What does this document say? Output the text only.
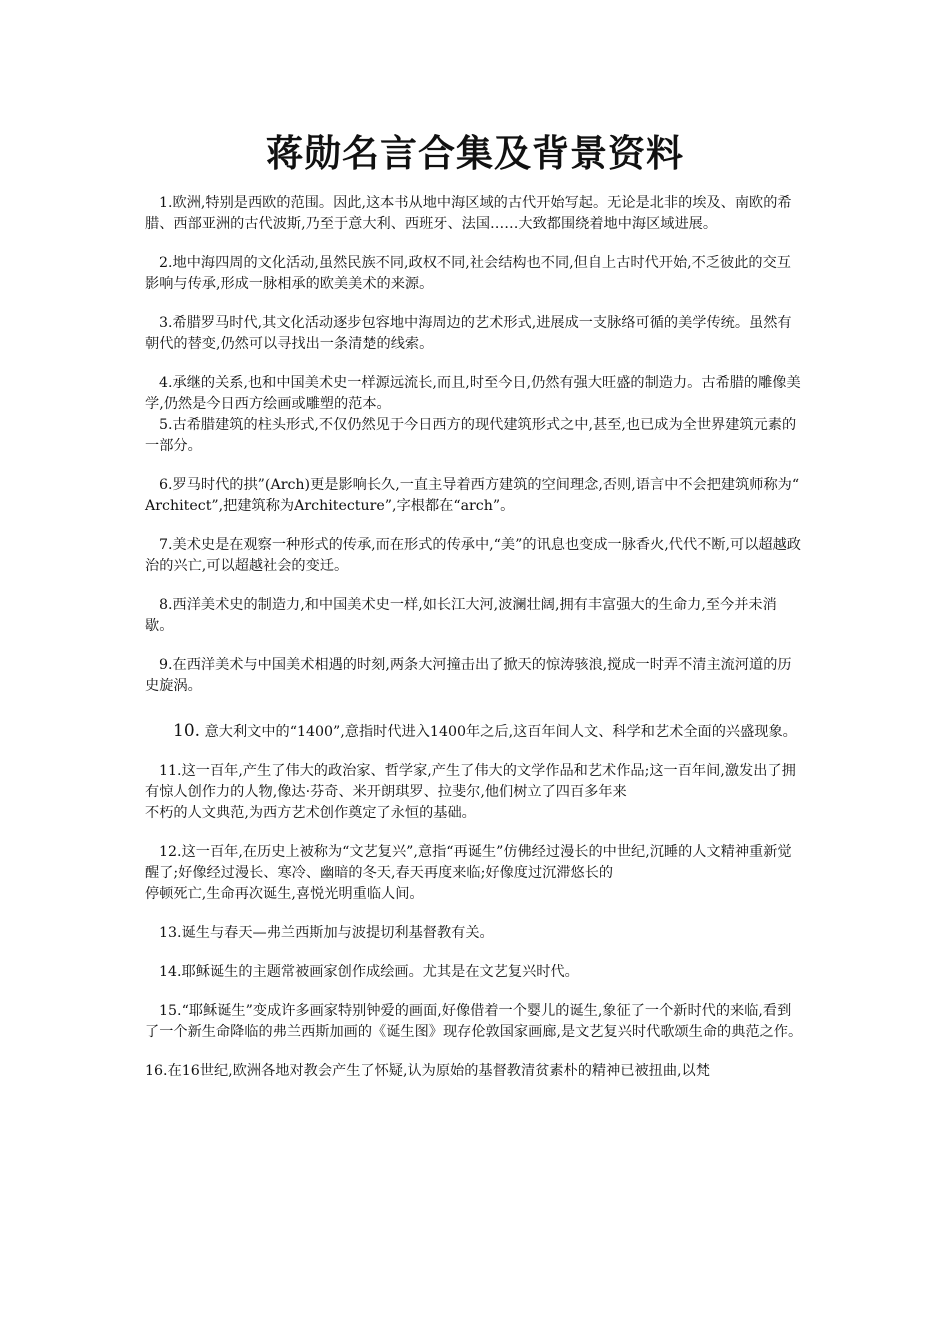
蒋勋名言合集及背景资料

1.欧洲,特别是西欧的范围。因此,这本书从地中海区域的古代开始写起。无论是北非的埃及、南欧的希腊、西部亚洲的古代波斯,乃至于意大利、西班牙、法国……大致都围绕着地中海区域进展。

2.地中海四周的文化活动,虽然民族不同,政权不同,社会结构也不同,但自上古时代开始,不乏彼此的交互影响与传承,形成一脉相承的欧美美术的来源。

3.希腊罗马时代,其文化活动逐步包容地中海周边的艺术形式,进展成一支脉络可循的美学传统。虽然有朝代的替变,仍然可以寻找出一条清楚的线索。

4.承继的关系,也和中国美术史一样源远流长,而且,时至今日,仍然有强大旺盛的制造力。古希腊的雕像美学,仍然是今日西方绘画或雕塑的范本。

5.古希腊建筑的柱头形式,不仅仍然见于今日西方的现代建筑形式之中,甚至,也已成为全世界建筑元素的一部分。

6.罗马时代的拱”(Arch)更是影响长久,一直主导着西方建筑的空间理念,否则,语言中不会把建筑师称为“ Architect”,把建筑称为Architecture”,字根都在“arch”。

7.美术史是在观察一种形式的传承,而在形式的传承中,“美”的讯息也变成一脉香火,代代不断,可以超越政治的兴亡,可以超越社会的变迁。

8.西洋美术史的制造力,和中国美术史一样,如长江大河,波澜壮阔,拥有丰富强大的生命力,至今并未消歇。

9.在西洋美术与中国美术相遇的时刻,两条大河撞击出了掀天的惊涛骇浪,搅成一时弄不清主流河道的历史旋涡。

10. 意大利文中的“1400”,意指时代进入1400年之后,这百年间人文、科学和艺术全面的兴盛现象。

11.这一百年,产生了伟大的政治家、哲学家,产生了伟大的文学作品和艺术作品;这一百年间,激发出了拥有惊人创作力的人物,像达·芬奇、米开朗琪罗、拉斐尔,他们树立了四百多年来
不朽的人文典范,为西方艺术创作奠定了永恒的基础。

12.这一百年,在历史上被称为“文艺复兴”,意指“再诞生”仿佛经过漫长的中世纪,沉睡的人文精神重新觉醒了;好像经过漫长、寒冷、幽暗的冬天,春天再度来临;好像度过沉滞悠长的
停顿死亡,生命再次诞生,喜悦光明重临人间。

13.诞生与春天—弗兰西斯加与波提切利基督教有关。

14.耶稣诞生的主题常被画家创作成绘画。尤其是在文艺复兴时代。

15.“耶稣诞生”变成许多画家特别钟爱的画面,好像借着一个婴儿的诞生,象征了一个新时代的来临,看到了一个新生命降临的弗兰西斯加画的《诞生图》现存伦敦国家画廊,是文艺复兴时代歌颂生命的典范之作。

16.在16世纪,欧洲各地对教会产生了怀疑,认为原始的基督教清贫素朴的精神已被扭曲,以梵
